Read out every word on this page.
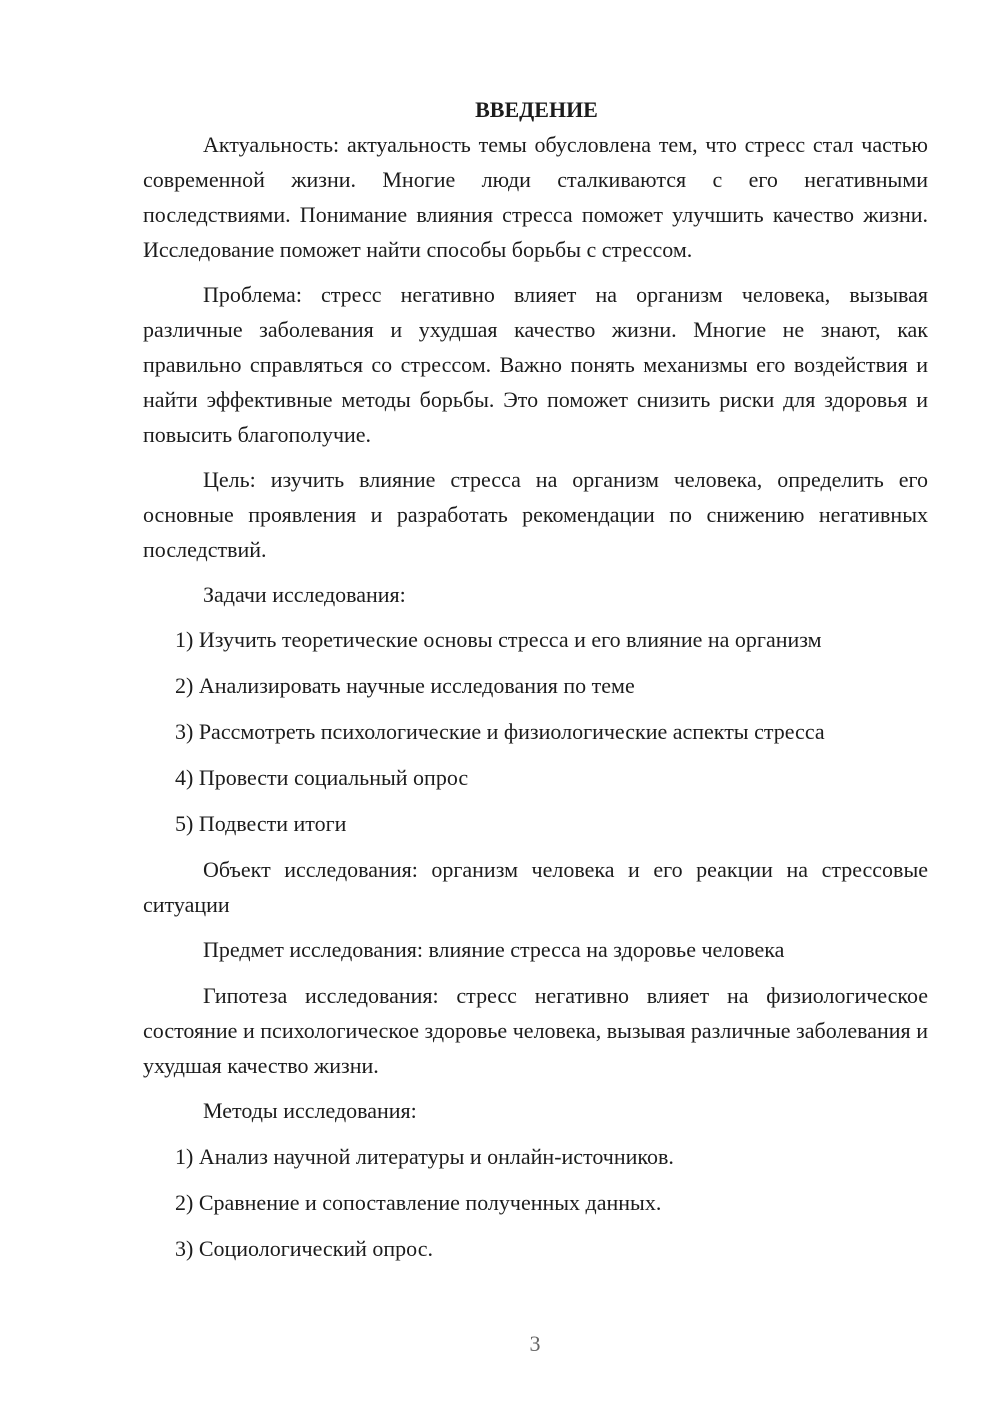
ВВЕДЕНИЕ

Актуальность: актуальность темы обусловлена тем, что стресс стал частью современной жизни. Многие люди сталкиваются с его негативными последствиями. Понимание влияния стресса поможет улучшить качество жизни. Исследование поможет найти способы борьбы с стрессом.

Проблема: стресс негативно влияет на организм человека, вызывая различные заболевания и ухудшая качество жизни. Многие не знают, как правильно справляться со стрессом. Важно понять механизмы его воздействия и найти эффективные методы борьбы. Это поможет снизить риски для здоровья и повысить благополучие.

Цель: изучить влияние стресса на организм человека, определить его основные проявления и разработать рекомендации по снижению негативных последствий.

Задачи исследования:

1) Изучить теоретические основы стресса и его влияние на организм

2) Анализировать научные исследования по теме

3) Рассмотреть психологические и физиологические аспекты стресса

4) Провести социальный опрос

5) Подвести итоги

Объект исследования: организм человека и его реакции на стрессовые ситуации

Предмет исследования: влияние стресса на здоровье человека

Гипотеза исследования: стресс негативно влияет на физиологическое состояние и психологическое здоровье человека, вызывая различные заболевания и ухудшая качество жизни.

Методы исследования:

1) Анализ научной литературы и онлайн-источников.

2) Сравнение и сопоставление полученных данных.

3) Социологический опрос.

3
